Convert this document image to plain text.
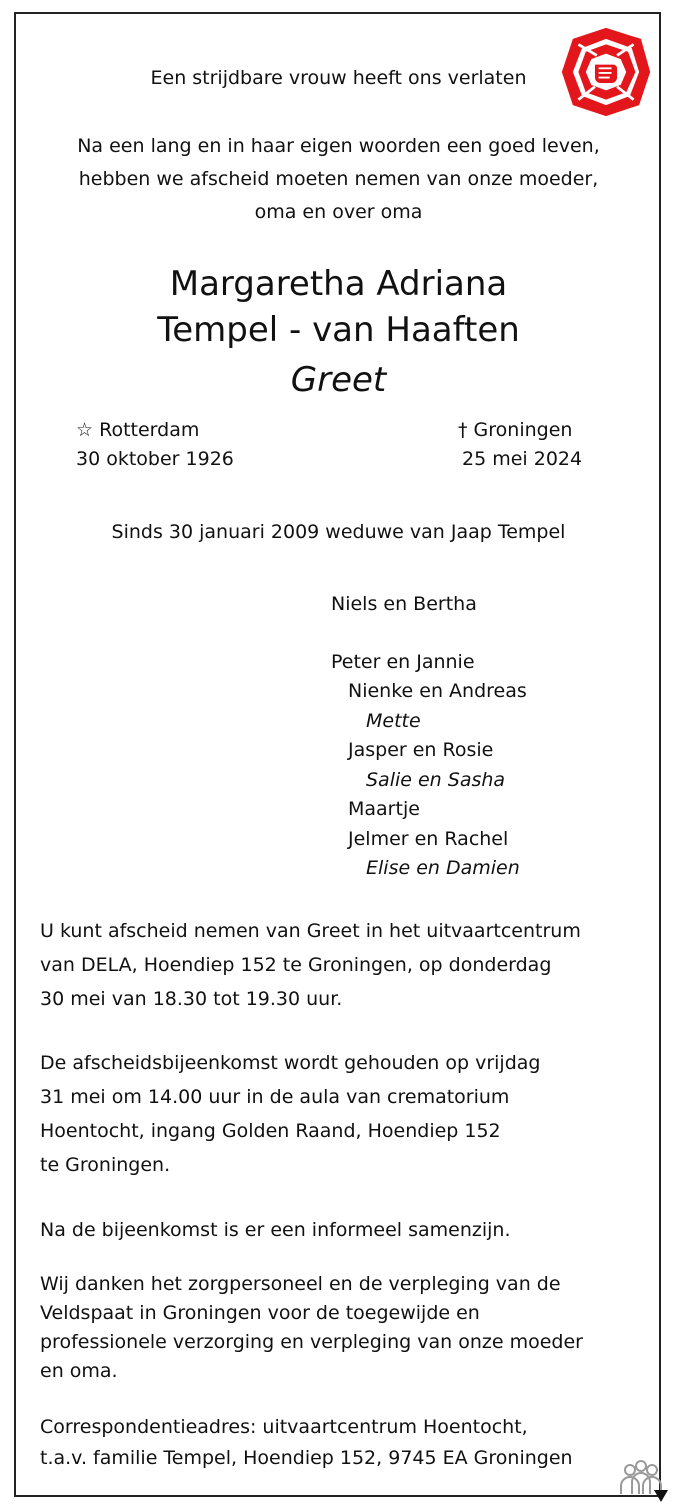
Een strijdbare vrouw heeft ons verlaten
Na een lang en in haar eigen woorden een goed leven,
hebben we afscheid moeten nemen van onze moeder,
oma en over oma
Margaretha Adriana
Tempel - van Haaften
Greet
☆ Rotterdam
30 oktober 1926
† Groningen
25 mei 2024
Sinds 30 januari 2009 weduwe van Jaap Tempel
Niels en Bertha
Peter en Jannie
Nienke en Andreas
Mette
Jasper en Rosie
Salie en Sasha
Maartje
Jelmer en Rachel
Elise en Damien
U kunt afscheid nemen van Greet in het uitvaartcentrum
van DELA, Hoendiep 152 te Groningen, op donderdag
30 mei van 18.30 tot 19.30 uur.
De afscheidsbijeenkomst wordt gehouden op vrijdag
31 mei om 14.00 uur in de aula van crematorium
Hoentocht, ingang Golden Raand, Hoendiep 152
te Groningen.
Na de bijeenkomst is er een informeel samenzijn.
Wij danken het zorgpersoneel en de verpleging van de
Veldspaat in Groningen voor de toegewijde en
professionele verzorging en verpleging van onze moeder
en oma.
Correspondentieadres: uitvaartcentrum Hoentocht,
t.a.v. familie Tempel, Hoendiep 152, 9745 EA Groningen
